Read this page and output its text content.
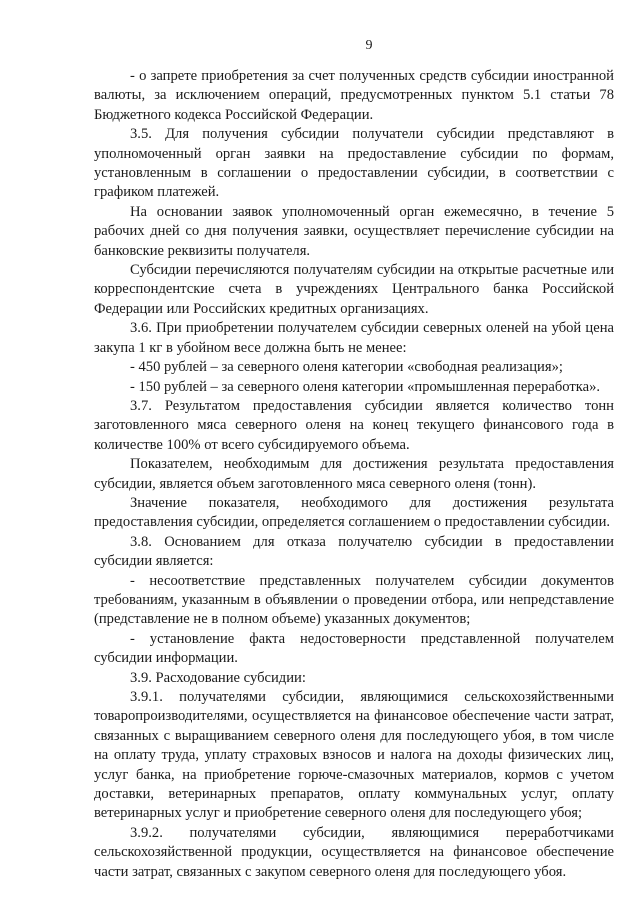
9

- о запрете приобретения за счет полученных средств субсидии иностранной валюты, за исключением операций, предусмотренных пунктом 5.1 статьи 78 Бюджетного кодекса Российской Федерации.

3.5. Для получения субсидии получатели субсидии представляют в уполномоченный орган заявки на предоставление субсидии по формам, установленным в соглашении о предоставлении субсидии, в соответствии с графиком платежей.

На основании заявок уполномоченный орган ежемесячно, в течение 5 рабочих дней со дня получения заявки, осуществляет перечисление субсидии на банковские реквизиты получателя.

Субсидии перечисляются получателям субсидии на открытые расчетные или корреспондентские счета в учреждениях Центрального банка Российской Федерации или Российских кредитных организациях.

3.6. При приобретении получателем субсидии северных оленей на убой цена закупа 1 кг в убойном весе должна быть не менее:

- 450 рублей – за северного оленя категории «свободная реализация»;

- 150 рублей – за северного оленя категории «промышленная переработка».

3.7. Результатом предоставления субсидии является количество тонн заготовленного мяса северного оленя на конец текущего финансового года в количестве 100% от всего субсидируемого объема.

Показателем, необходимым для достижения результата предоставления субсидии, является объем заготовленного мяса северного оленя (тонн).

Значение показателя, необходимого для достижения результата предоставления субсидии, определяется соглашением о предоставлении субсидии.

3.8. Основанием для отказа получателю субсидии в предоставлении субсидии является:

- несоответствие представленных получателем субсидии документов требованиям, указанным в объявлении о проведении отбора, или непредставление (представление не в полном объеме) указанных документов;

- установление факта недостоверности представленной получателем субсидии информации.

3.9. Расходование субсидии:

3.9.1. получателями субсидии, являющимися сельскохозяйственными товаропроизводителями, осуществляется на финансовое обеспечение части затрат, связанных с выращиванием северного оленя для последующего убоя, в том числе на оплату труда, уплату страховых взносов и налога на доходы физических лиц, услуг банка, на приобретение горюче-смазочных материалов, кормов с учетом доставки, ветеринарных препаратов, оплату коммунальных услуг, оплату ветеринарных услуг и приобретение северного оленя для последующего убоя;

3.9.2. получателями субсидии, являющимися переработчиками сельскохозяйственной продукции, осуществляется на финансовое обеспечение части затрат, связанных с закупом северного оленя для последующего убоя.
